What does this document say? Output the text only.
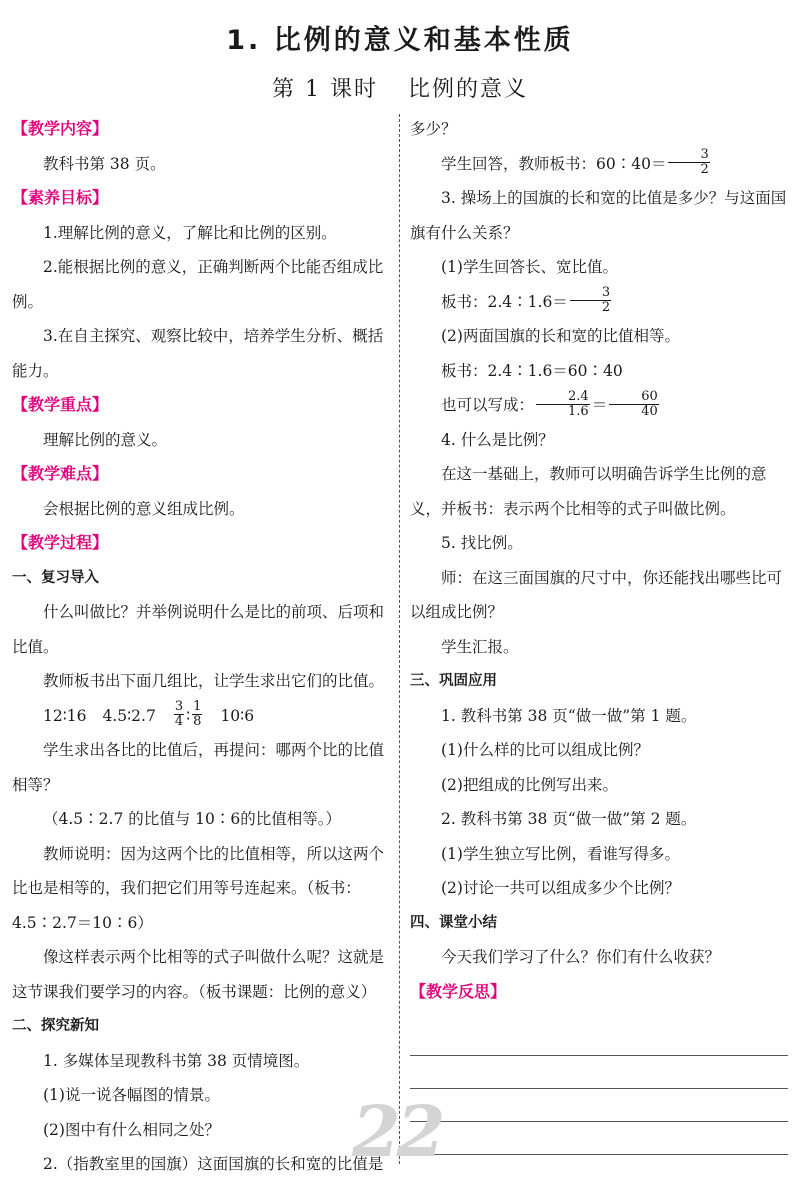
1. 比例的意义和基本性质
第 1 课时 比例的意义
【教学内容】

教科书第 38 页。

【素养目标】

1.理解比例的意义，了解比和比例的区别。

2.能根据比例的意义，正确判断两个比能否组成比例。

3.在自主探究、观察比较中，培养学生分析、概括能力。

【教学重点】

理解比例的意义。

【教学难点】

会根据比例的意义组成比例。

【教学过程】
一、复习导入

什么叫做比？并举例说明什么是比的前项、后项和比值。

教师板书出下面几组比，让学生求出它们的比值。

12∶16 4.5∶2.7 $\frac{3}{4}$ ∶ $\frac{1}{8}$ 10∶6

学生求出各比的比值后，再提问：哪两个比的比值相等？

（4.5∶2.7 的比值与 10∶6的比值相等。）

教师说明：因为这两个比的比值相等，所以这两个比也是相等的，我们把它们用等号连起来。（板书：4.5∶2.7＝10∶6）

像这样表示两个比相等的式子叫做什么呢？这就是这节课我们要学习的内容。（板书课题：比例的意义）

二、探究新知

1. 多媒体呈现教科书第 38 页情境图。

(1)说一说各幅图的情景。

(2)图中有什么相同之处？

2.（指教室里的国旗）这面国旗的长和宽的比值是

多少？

学生回答，教师板书：60∶40＝ $\frac{3}{2}$

3. 操场上的国旗的长和宽的比值是多少？与这面国旗有什么关系？

(1)学生回答长、宽比值。

板书：2.4∶1.6＝ $\frac{3}{2}$

(2)两面国旗的长和宽的比值相等。

板书：2.4∶1.6＝60∶40

也可以写成： $\frac{2.4}{1.6} = \frac{60}{40}$

4. 什么是比例？

在这一基础上，教师可以明确告诉学生比例的意义，并板书：表示两个比相等的式子叫做比例。

5. 找比例。

师：在这三面国旗的尺寸中，你还能找出哪些比可以组成比例？

学生汇报。

三、巩固应用

1. 教科书第 38 页“做一做”第 1 题。

(1)什么样的比可以组成比例？

(2)把组成的比例写出来。

2. 教科书第 38 页“做一做”第 2 题。

(1)学生独立写比例，看谁写得多。

(2)讨论一共可以组成多少个比例？

四、课堂小结

今天我们学习了什么？你们有什么收获？

【教学反思】
22
